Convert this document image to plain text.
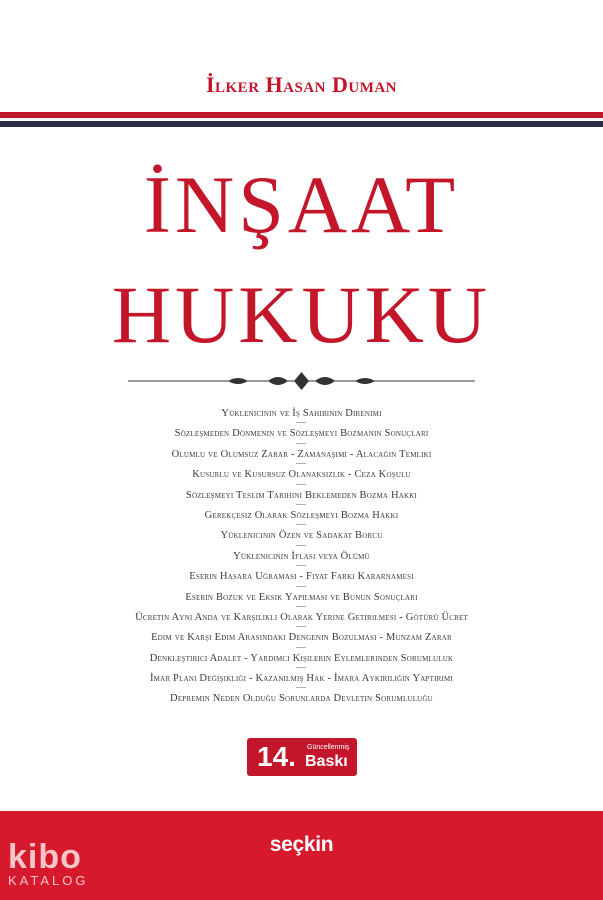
İlker Hasan Duman
İNŞAAT
HUKUKU
Yüklenicinin ve İş Sahibinin Direnimi
Sözleşmeden Dönmenin ve Sözleşmeyi Bozmanın Sonuçları
Olumlu ve Olumsuz Zarar - Zamanaşımı - Alacağın Temliki
Kusurlu ve Kusursuz Olanaksızlık - Ceza Koşulu
Sözleşmeyi Teslim Tarihini Beklemeden Bozma Hakkı
Gerekçesiz Olarak Sözleşmeyi Bozma Hakkı
Yüklenicinin Özen ve Sadakat Borcu
Yüklenicinin İflası veya Ölümü
Eserin Hasara Uğraması - Fiyat Farkı Kararnamesi
Eserin Bozuk ve Eksik Yapılması ve Bunun Sonuçları
Ücretin Aynı Anda ve Karşılıklı Olarak Yerine Getirilmesi - Götürü Ücret
Edim ve Karşı Edim Arasındaki Dengenin Bozulması - Munzam Zarar
Denkleştirici Adalet - Yardımcı Kişilerin Eylemlerinden Sorumluluk
İmar Planı Değişikliği - Kazanılmış Hak - İmara Aykırılığın Yaptırımı
Depremin Neden Olduğu Sorunlarda Devletin Sorumluluğu
14. Güncellenmiş
Baskı
seçkin
kibo
KATALOG
